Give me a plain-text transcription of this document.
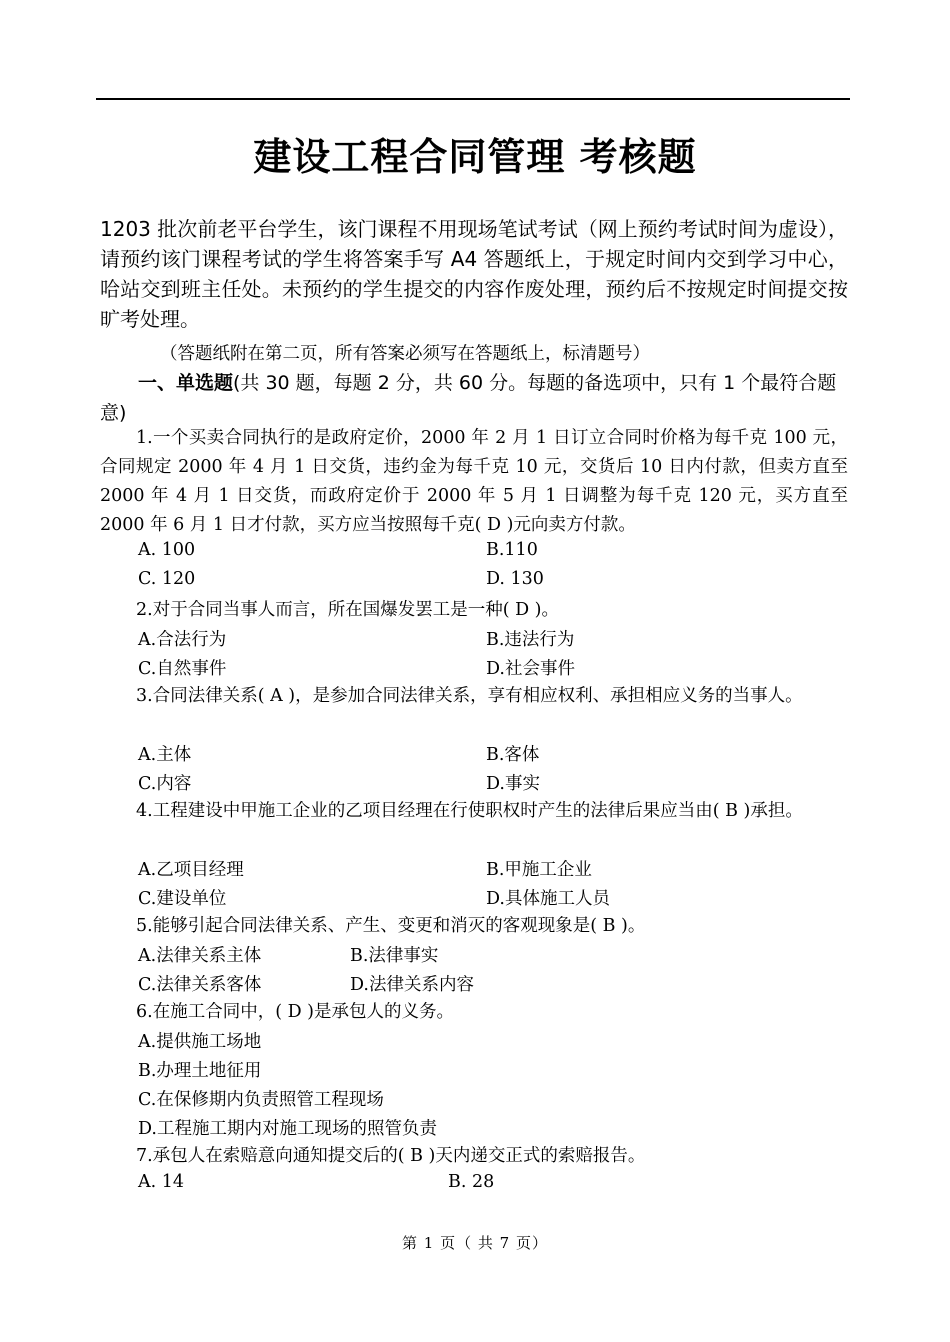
建设工程合同管理 考核题
1203 批次前老平台学生，该门课程不用现场笔试考试（网上预约考试时间为虚设），请预约该门课程考试的学生将答案手写 A4 答题纸上，于规定时间内交到学习中心，哈站交到班主任处。未预约的学生提交的内容作废处理，预约后不按规定时间提交按旷考处理。
（答题纸附在第二页，所有答案必须写在答题纸上，标清题号）
一、单选题(共 30 题，每题 2 分，共 60 分。每题的备选项中，只有 1 个最符合题
意)
1.一个买卖合同执行的是政府定价，2000 年 2 月 1 日订立合同时价格为每千克 100 元，合同规定 2000 年 4 月 1 日交货，违约金为每千克 10 元，交货后 10 日内付款，但卖方直至 2000 年 4 月 1 日交货，而政府定价于 2000 年 5 月 1 日调整为每千克 120 元，买方直至 2000 年 6 月 1 日才付款，买方应当按照每千克( D )元向卖方付款。
A. 100	B.110
C. 120	D. 130
2.对于合同当事人而言，所在国爆发罢工是一种( D )。
A.合法行为	B.违法行为
C.自然事件	D.社会事件
3.合同法律关系( A )，是参加合同法律关系，享有相应权利、承担相应义务的当事人。
A.主体	B.客体
C.内容	D.事实
4.工程建设中甲施工企业的乙项目经理在行使职权时产生的法律后果应当由( B )承担。
A.乙项目经理	B.甲施工企业
C.建设单位	D.具体施工人员
5.能够引起合同法律关系、产生、变更和消灭的客观现象是( B )。
A.法律关系主体	B.法律事实
C.法律关系客体	D.法律关系内容
6.在施工合同中，( D )是承包人的义务。
A.提供施工场地
B.办理土地征用
C.在保修期内负责照管工程现场
D.工程施工期内对施工现场的照管负责
7.承包人在索赔意向通知提交后的( B )天内递交正式的索赔报告。
A. 14	B. 28
第 1 页（ 共 7 页）
